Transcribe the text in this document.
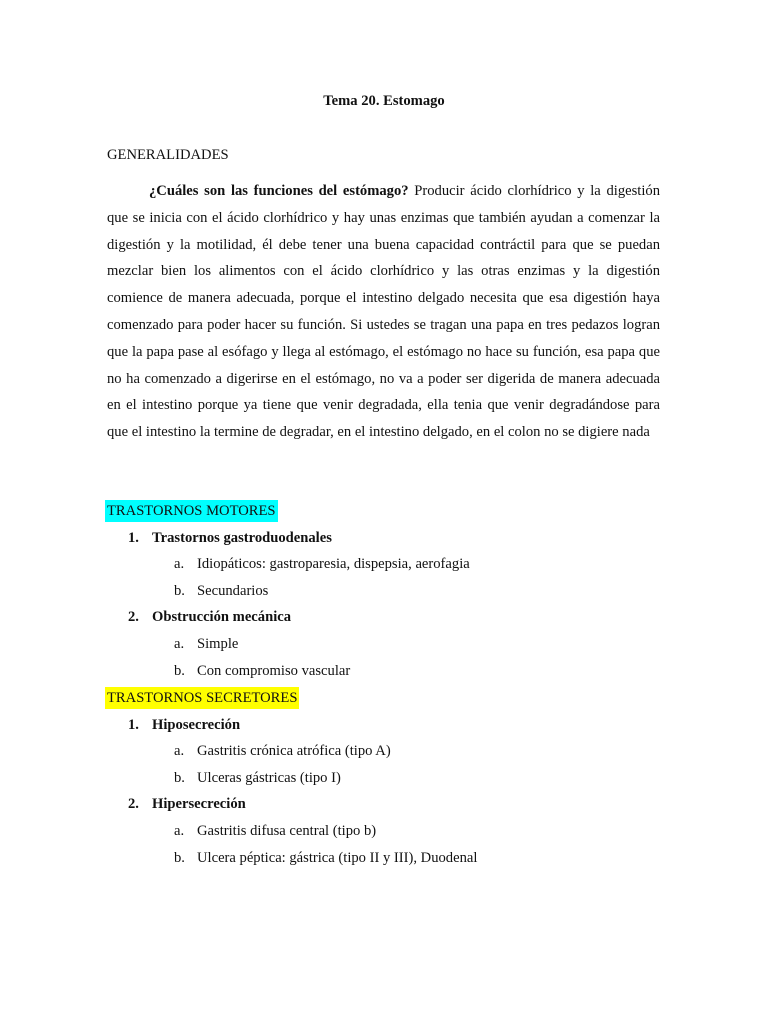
Tema 20. Estomago
GENERALIDADES

¿Cuáles son las funciones del estómago? Producir ácido clorhídrico y la digestión que se inicia con el ácido clorhídrico y hay unas enzimas que también ayudan a comenzar la digestión y la motilidad, él debe tener una buena capacidad contráctil para que se puedan mezclar bien los alimentos con el ácido clorhídrico y las otras enzimas y la digestión comience de manera adecuada, porque el intestino delgado necesita que esa digestión haya comenzado para poder hacer su función. Si ustedes se tragan una papa en tres pedazos logran que la papa pase al esófago y llega al estómago, el estómago no hace su función, esa papa que no ha comenzado a digerirse en el estómago, no va a poder ser digerida de manera adecuada en el intestino porque ya tiene que venir degradada, ella tenia que venir degradándose para que el intestino la termine de degradar, en el intestino delgado, en el colon no se digiere nada

TRASTORNOS MOTORES
1. Trastornos gastroduodenales
a. Idiopáticos: gastroparesia, dispepsia, aerofagia
b. Secundarios
2. Obstrucción mecánica
a. Simple
b. Con compromiso vascular
TRASTORNOS SECRETORES
1. Hiposecreción
a. Gastritis crónica atrófica (tipo A)
b. Ulceras gástricas (tipo I)
2. Hipersecreción
a. Gastritis difusa central (tipo b)
b. Ulcera péptica: gástrica (tipo II y III), Duodenal
